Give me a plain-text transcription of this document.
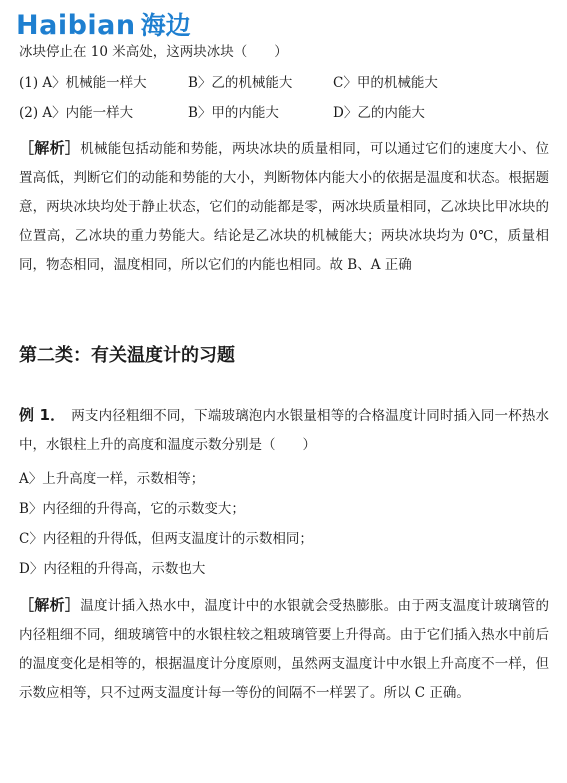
Haibian 海边
冰块停止在 10 米高处，这两块冰块（　　）
(1) A〉机械能一样大	B〉乙的机械能大	C〉甲的机械能大
(2) A〉内能一样大	B〉甲的内能大	D〉乙的内能大
［解析］机械能包括动能和势能，两块冰块的质量相同，可以通过它们的速度大小、位置高低，判断它们的动能和势能的大小，判断物体内能大小的依据是温度和状态。根据题意，两块冰块均处于静止状态，它们的动能都是零，两冰块质量相同，乙冰块比甲冰块的位置高，乙冰块的重力势能大。结论是乙冰块的机械能大；两块冰块均为 0℃，质量相同，物态相同，温度相同，所以它们的内能也相同。故 B、A 正确
第二类：有关温度计的习题
例 1． 两支内径粗细不同，下端玻璃泡内水银量相等的合格温度计同时插入同一杯热水中，水银柱上升的高度和温度示数分别是（　　）
A〉上升高度一样，示数相等；
B〉内径细的升得高，它的示数变大；
C〉内径粗的升得低，但两支温度计的示数相同；
D〉内径粗的升得高，示数也大
［解析］温度计插入热水中，温度计中的水银就会受热膨胀。由于两支温度计玻璃管的内径粗细不同，细玻璃管中的水银柱较之粗玻璃管要上升得高。由于它们插入热水中前后的温度变化是相等的，根据温度计分度原则，虽然两支温度计中水银上升高度不一样，但示数应相等，只不过两支温度计每一等份的间隔不一样罢了。所以 C 正确。
